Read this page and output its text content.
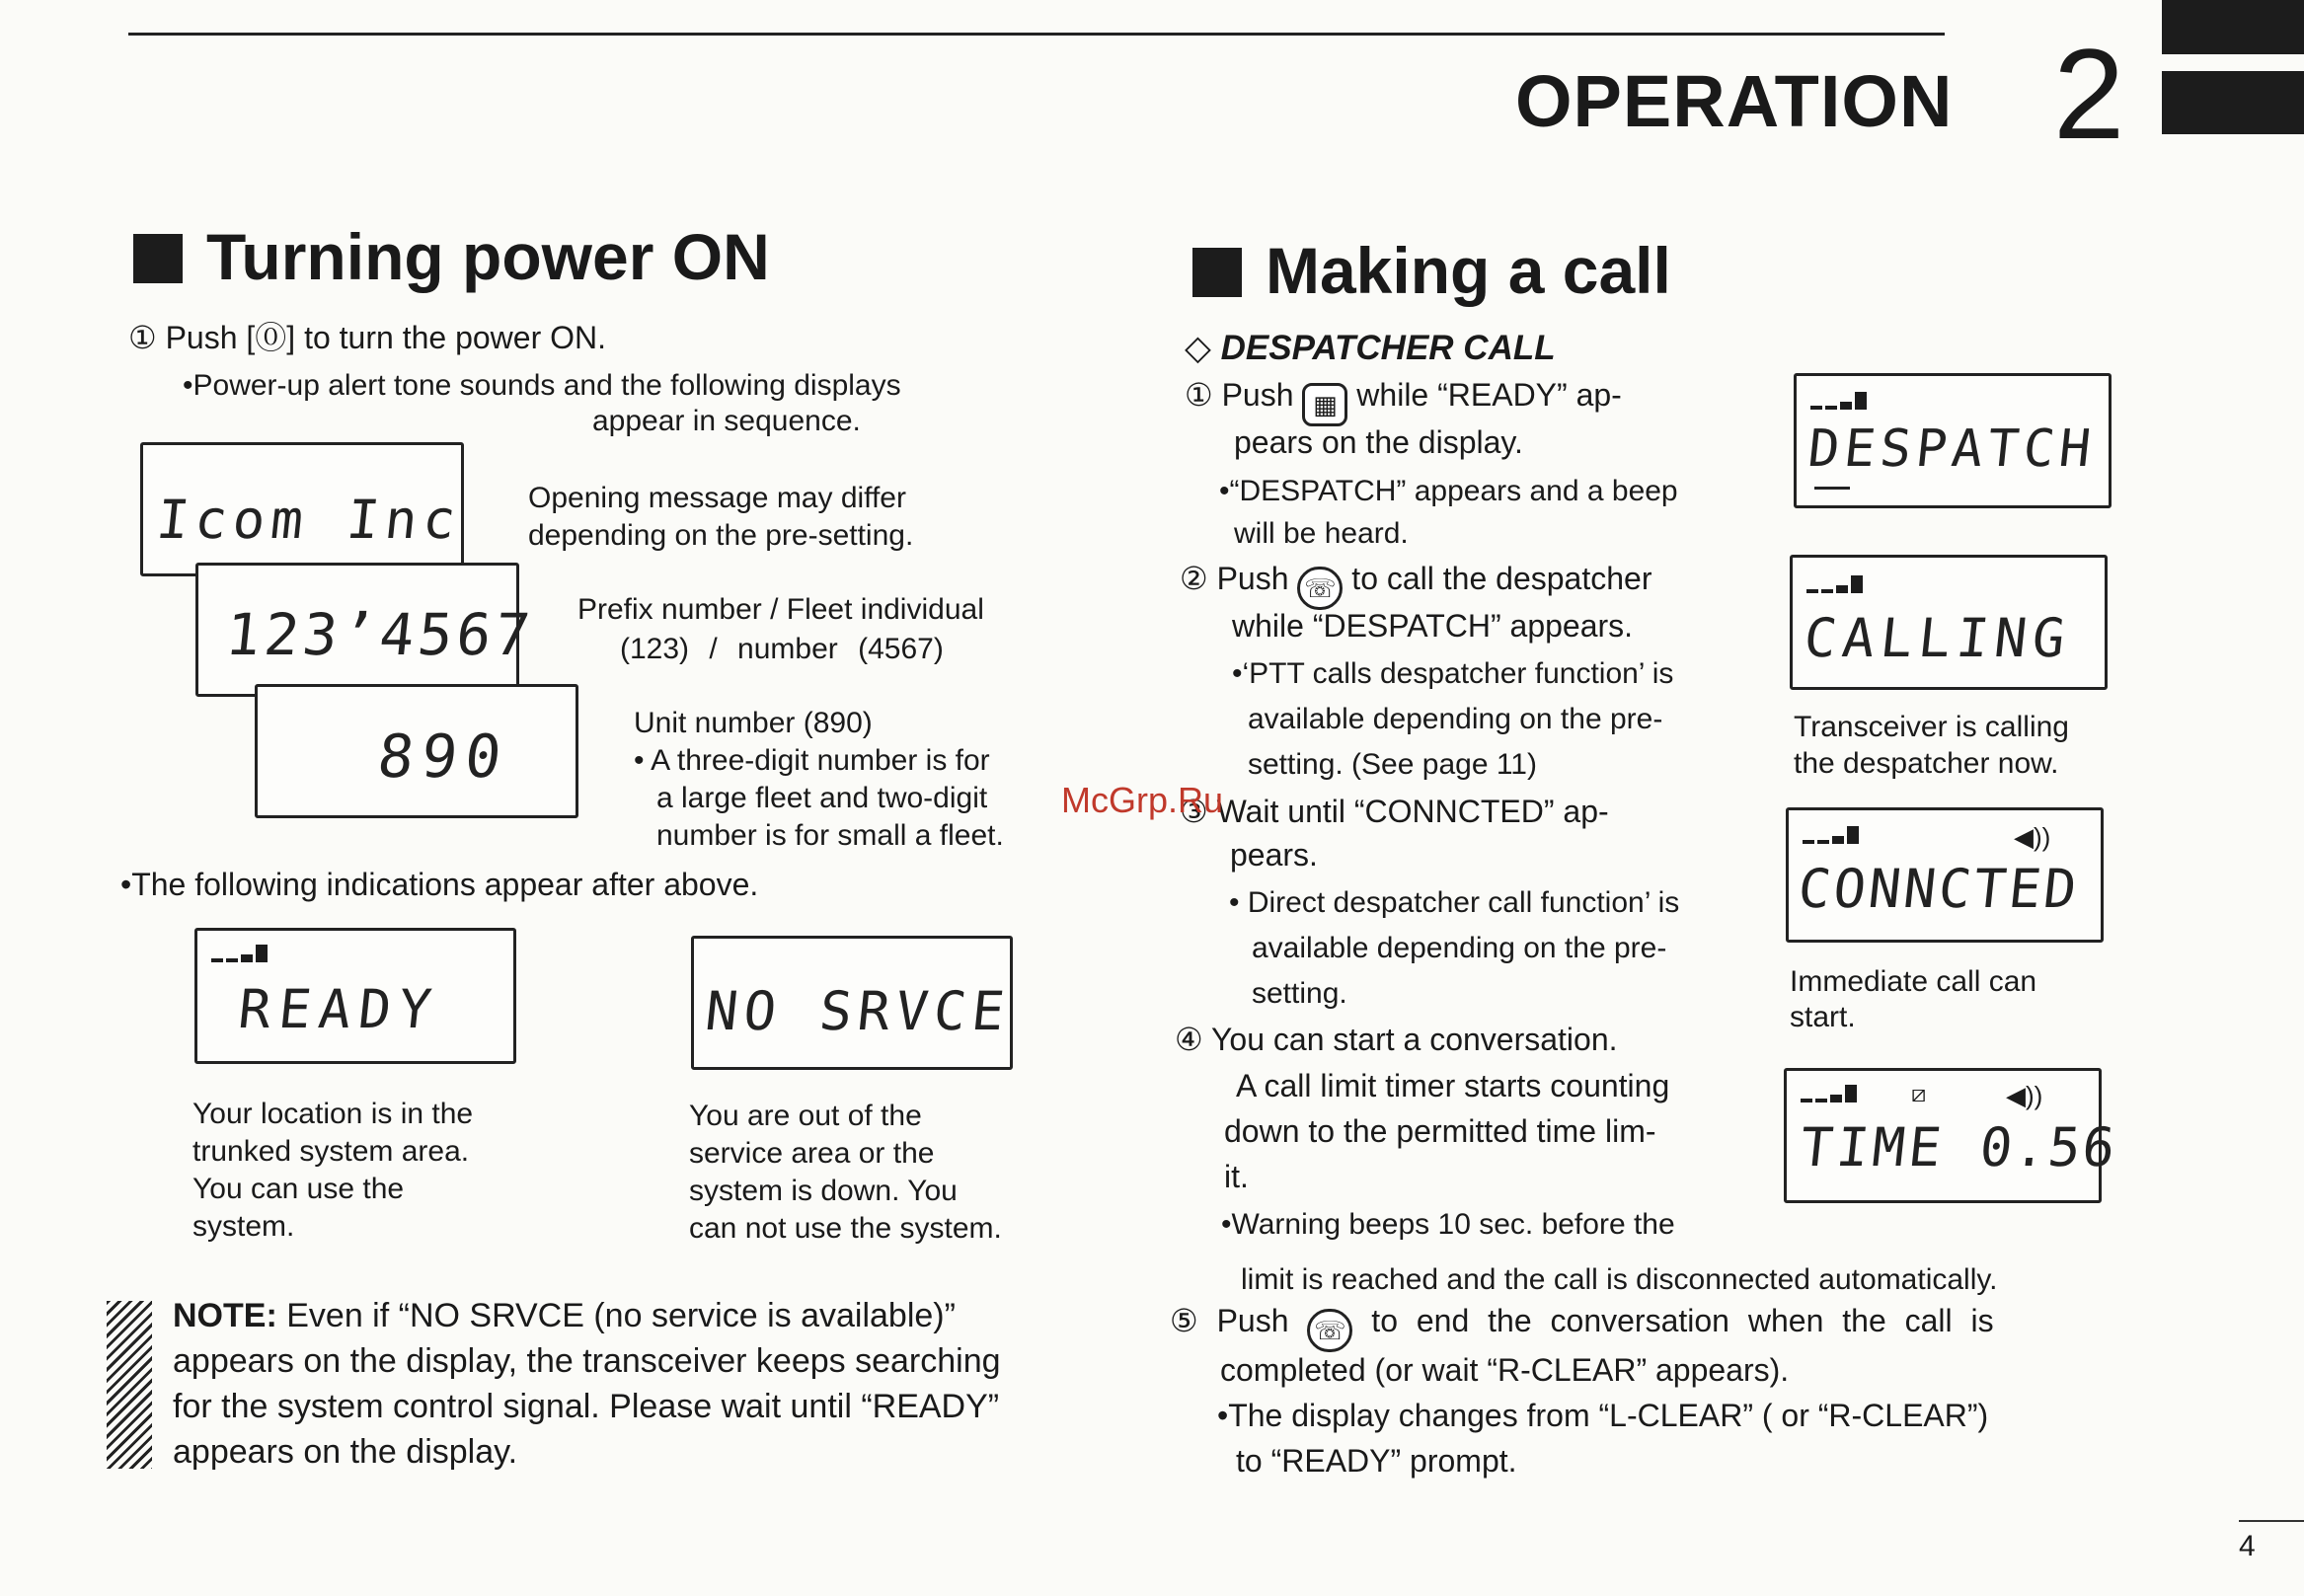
OPERATION 2
Turning power ON
① Push [⓪] to turn the power ON.
•Power-up alert tone sounds and the following displays
appear in sequence.
Icom Inc
123’4567
890
Opening message may differ
depending on the pre-setting.
Prefix number / Fleet individual
(123) / number (4567)
Unit number (890)
• A three-digit number is for
a large fleet and two-digit
number is for small a fleet.
•The following indications appear after above.
READY	NO SRVCE
Your location is in the
trunked system area.
You can use the
system.
You are out of the
service area or the
system is down. You
can not use the system.
NOTE: Even if “NO SRVCE (no service is available)”
appears on the display, the transceiver keeps searching
for the system control signal. Please wait until “READY”
appears on the display.
Making a call
◇ DESPATCHER CALL
① Push ▦ while “READY” ap-
pears on the display.
•“DESPATCH” appears and a beep
will be heard.
② Push ☏ to call the despatcher
while “DESPATCH” appears.
•‘PTT calls despatcher function’ is
available depending on the pre-
setting. (See page 11)
③ Wait until “CONNCTED” ap-
pears.
• Direct despatcher call function’ is
available depending on the pre-
setting.
④ You can start a conversation.
A call limit timer starts counting
down to the permitted time lim-
it.
•Warning beeps 10 sec. before the
limit is reached and the call is disconnected automatically.
⑤ Push ☏ to end the conversation when the call is
completed (or wait “R-CLEAR” appears).
•The display changes from “L-CLEAR” ( or “R-CLEAR”)
to “READY” prompt.
DESPATCH
CALLING
Transceiver is calling
the despatcher now.
◀))
CONNCTED
Immediate call can
start.
⧄	◀))
TIME 0.56
McGrp.Ru
4
